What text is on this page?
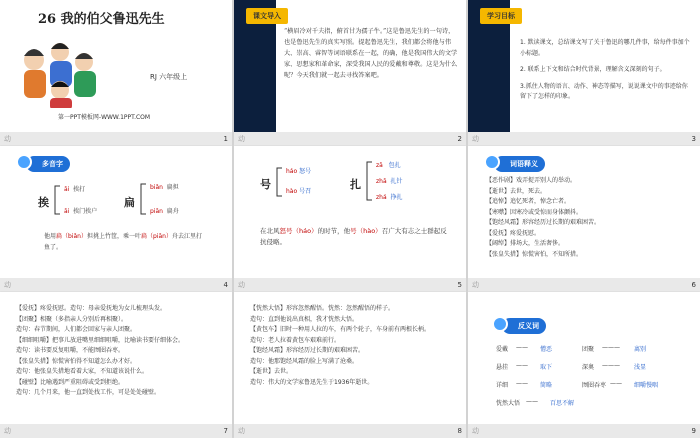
26 我的伯父鲁迅先生
RJ 六年级上
第一PPT模板网-WWW.1PPT.COM
动	1
课文导入
“横眉冷对千夫指，俯首甘为孺子牛。”这是鲁迅先生的一句诗，也是鲁迅先生的真实写照。提起鲁迅先生，我们都会将他与伟大、崇高、睿智等词语联系在一起，的确，他是我国伟大的文学家、思想家和革命家，深受我国人民的爱戴和尊敬。这是为什么呢？今天我们就一起去寻找答案吧。
动	2
学习目标
1. 默读课文，总结课文写了关于鲁迅的哪几件事，给每件事加个小标题。
2. 联系上下文和结合时代背景，理解含义深刻的句子。
3.抓住人物的语言、动作、神态等描写，说说课文中的事迹给你留下了怎样的印象。
动	3
多音字
挨
āi 挨打
āi 挨门挨户
扁
biǎn 扁担
piān 扁舟
他用扁（biǎn）担挑上竹筐，乘一叶扁（piān）舟去江里打鱼了。
动	4
号
háo 怒号
hào 号召
扎
zā 包扎
zhā 扎针
zhá 挣扎
在北风怒号（háo）的时节，他号（hào）召广大有志之士群起反抗侵略。
动	5
词语释义
【恶作剧】戏弄捉弄别人的举动。
【逝世】去世，死去。
【追悼】追忆死者，悼念亡者。
【寒噤】因寒冷或受惊而身体颤抖。
【饱经风霜】形容经历过长期的艰难困苦。
【爱抚】疼爱抚慰。
【阔绰】排场大，生活奢侈。
【张皇失措】惊慌害怕，不知所措。
动	6
【爱抚】疼爱抚慰。造句：母亲爱抚地为女儿梳理头发。
【团聚】相聚（多指亲人分别后再相聚）。
造句：春节期间，人们都会回家与亲人团聚。
【细细咀嚼】把事儿放进嘴里细细咀嚼，比喻读书要仔细体会。
造句：读书要反复咀嚼，不能囫囵吞枣。
【张皇失措】惊慌害怕得不知道怎么办才好。
造句：他张皇失措地看着大家，不知道该说什么。
【碰壁】比喻遇到严重阻碍或受到拒绝。
造句：几个月来，他一直到处找工作，可是处处碰壁。
动	7
【恍然大悟】形容忽然醒悟。恍然：忽然醒悟的样子。
造句：直到他说出真相，我才恍然大悟。
【黄包车】旧时一种用人拉的车，有两个轮子，车身前有两根长柄。
造句：老人拉着黄包车艰难前行。
【饱经风霜】形容经历过长期的艰难困苦。
造句：他那饱经风霜的脸上写满了沧桑。
【逝世】去世。
造句：伟大的文学家鲁迅先生于1936年逝世。
动	8
反义词
爱戴 —— 憎恶	团聚 ——— 离别
悬挂 —— 取下	深奥 ——— 浅显
详细 —— 简略	囫囵吞枣 —— 细嚼慢咽
恍然大悟 —— 百思不解
动	9
